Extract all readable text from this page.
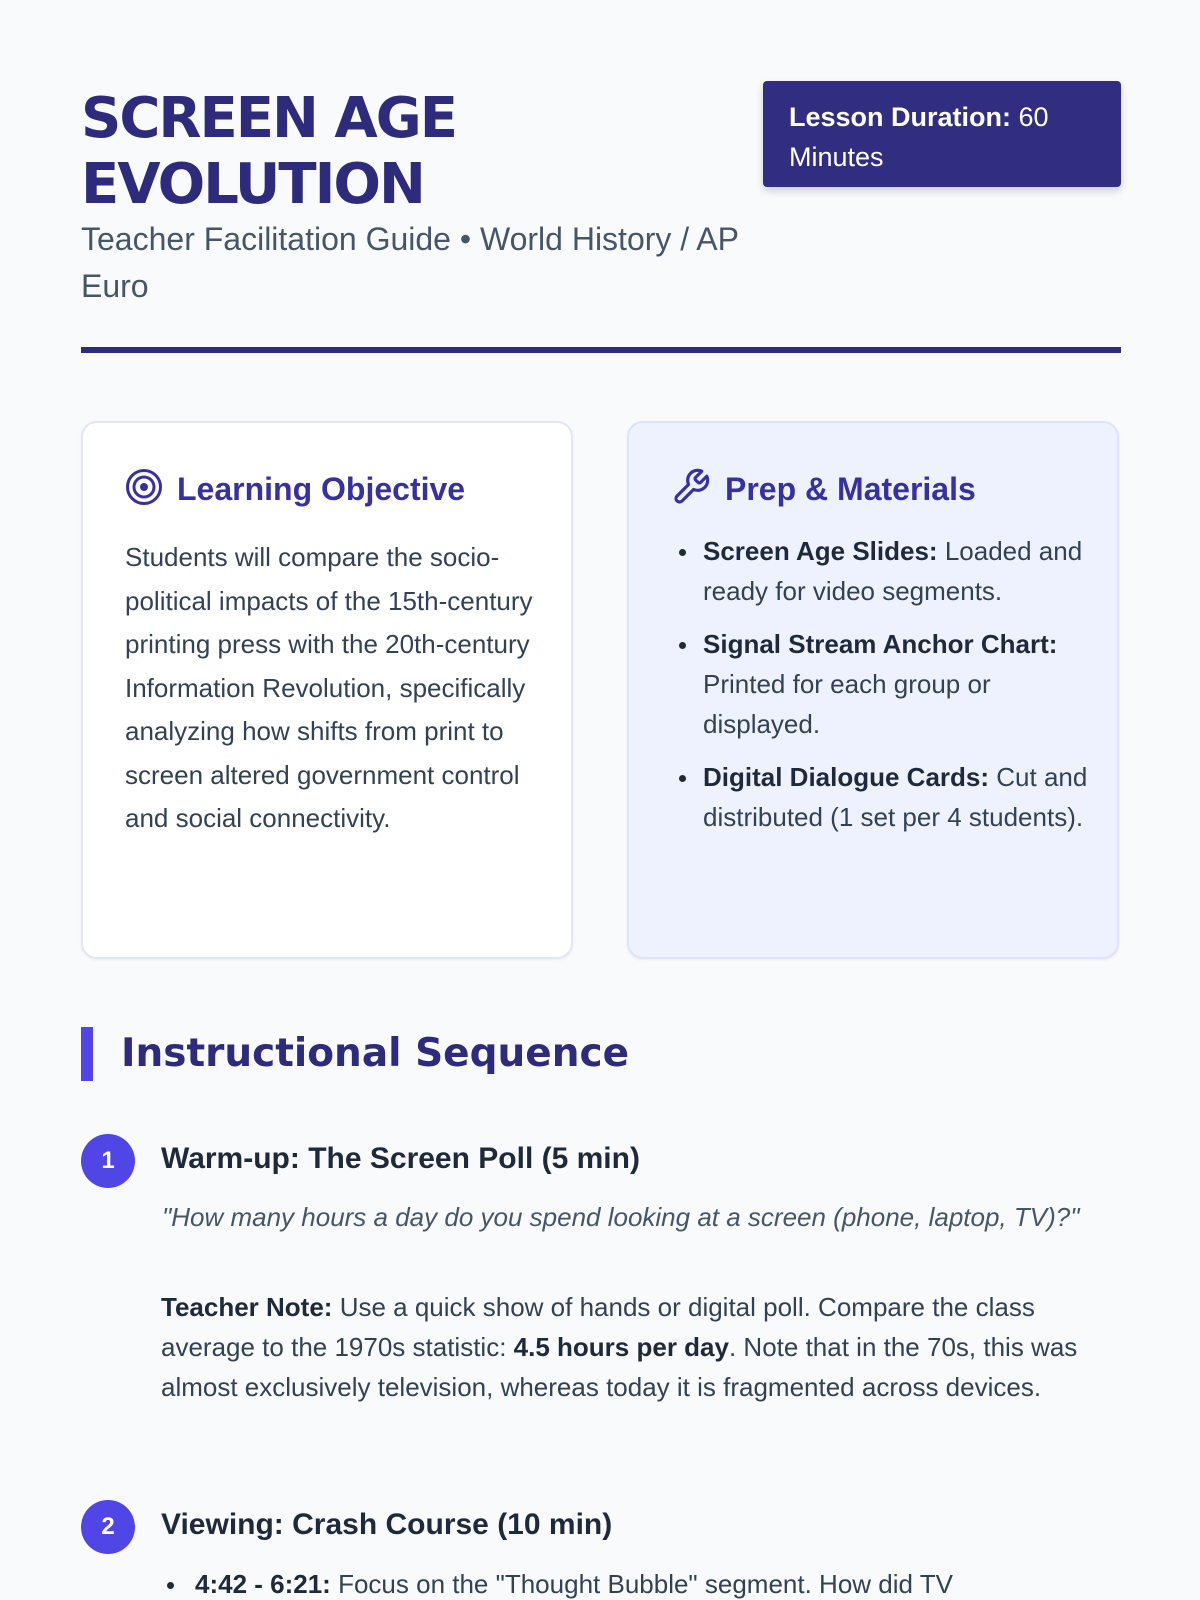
SCREEN AGE EVOLUTION
Teacher Facilitation Guide • World History / AP Euro
Lesson Duration: 60 Minutes
Learning Objective

Students will compare the socio-political impacts of the 15th-century printing press with the 20th-century Information Revolution, specifically analyzing how shifts from print to screen altered government control and social connectivity.

Prep & Materials
Screen Age Slides: Loaded and ready for video segments.
Signal Stream Anchor Chart: Printed for each group or displayed.
Digital Dialogue Cards: Cut and distributed (1 set per 4 students).
Instructional Sequence
1	Warm-up: The Screen Poll (5 min)

"How many hours a day do you spend looking at a screen (phone, laptop, TV)?"

Teacher Note: Use a quick show of hands or digital poll. Compare the class average to the 1970s statistic: 4.5 hours per day. Note that in the 70s, this was almost exclusively television, whereas today it is fragmented across devices.

2	Viewing: Crash Course (10 min)
4:42 - 6:21: Focus on the "Thought Bubble" segment. How did TV
